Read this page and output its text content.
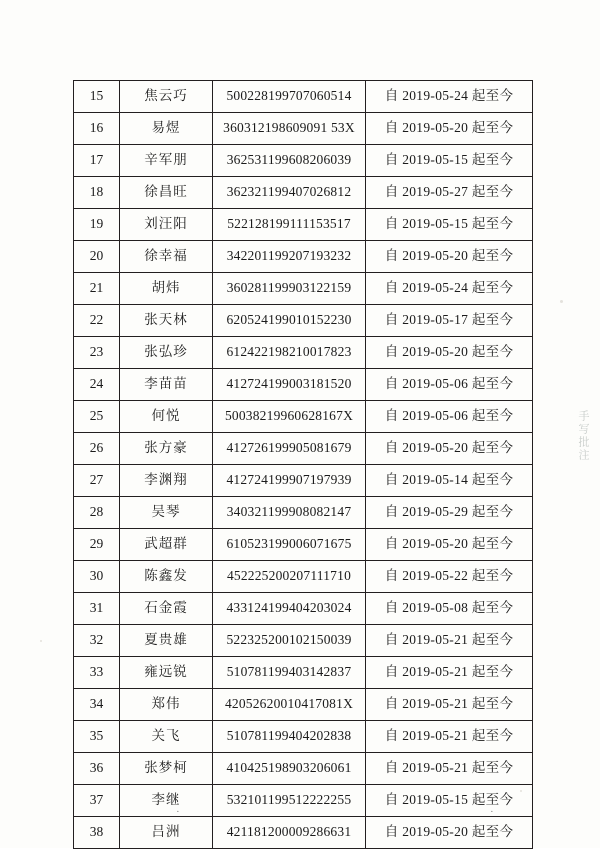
15	焦云巧	500228199707060514	自 2019-05-24 起至今
16	易煜	360312198609091 53X	自 2019-05-20 起至今
17	辛军朋	362531199608206039	自 2019-05-15 起至今
18	徐昌旺	362321199407026812	自 2019-05-27 起至今
19	刘汪阳	522128199111153517	自 2019-05-15 起至今
20	徐幸福	342201199207193232	自 2019-05-20 起至今
21	胡炜	360281199903122159	自 2019-05-24 起至今
22	张天林	620524199010152230	自 2019-05-17 起至今
23	张弘珍	612422198210017823	自 2019-05-20 起至今
24	李苗苗	412724199003181520	自 2019-05-06 起至今
25	何悦	50038219960628167X	自 2019-05-06 起至今
26	张方豪	412726199905081679	自 2019-05-20 起至今
27	李渊翔	412724199907197939	自 2019-05-14 起至今
28	吴琴	340321199908082147	自 2019-05-29 起至今
29	武超群	610523199006071675	自 2019-05-20 起至今
30	陈鑫发	452225200207111710	自 2019-05-22 起至今
31	石金霞	433124199404203024	自 2019-05-08 起至今
32	夏贵雄	522325200102150039	自 2019-05-21 起至今
33	雍远锐	510781199403142837	自 2019-05-21 起至今
34	郑伟	42052620010417081X	自 2019-05-21 起至今
35	关飞	510781199404202838	自 2019-05-21 起至今
36	张梦柯	410425198903206061	自 2019-05-21 起至今
37	李继	532101199512222255	自 2019-05-15 起至今
38	吕洲	421181200009286631	自 2019-05-20 起至今
手写批注
·	·
